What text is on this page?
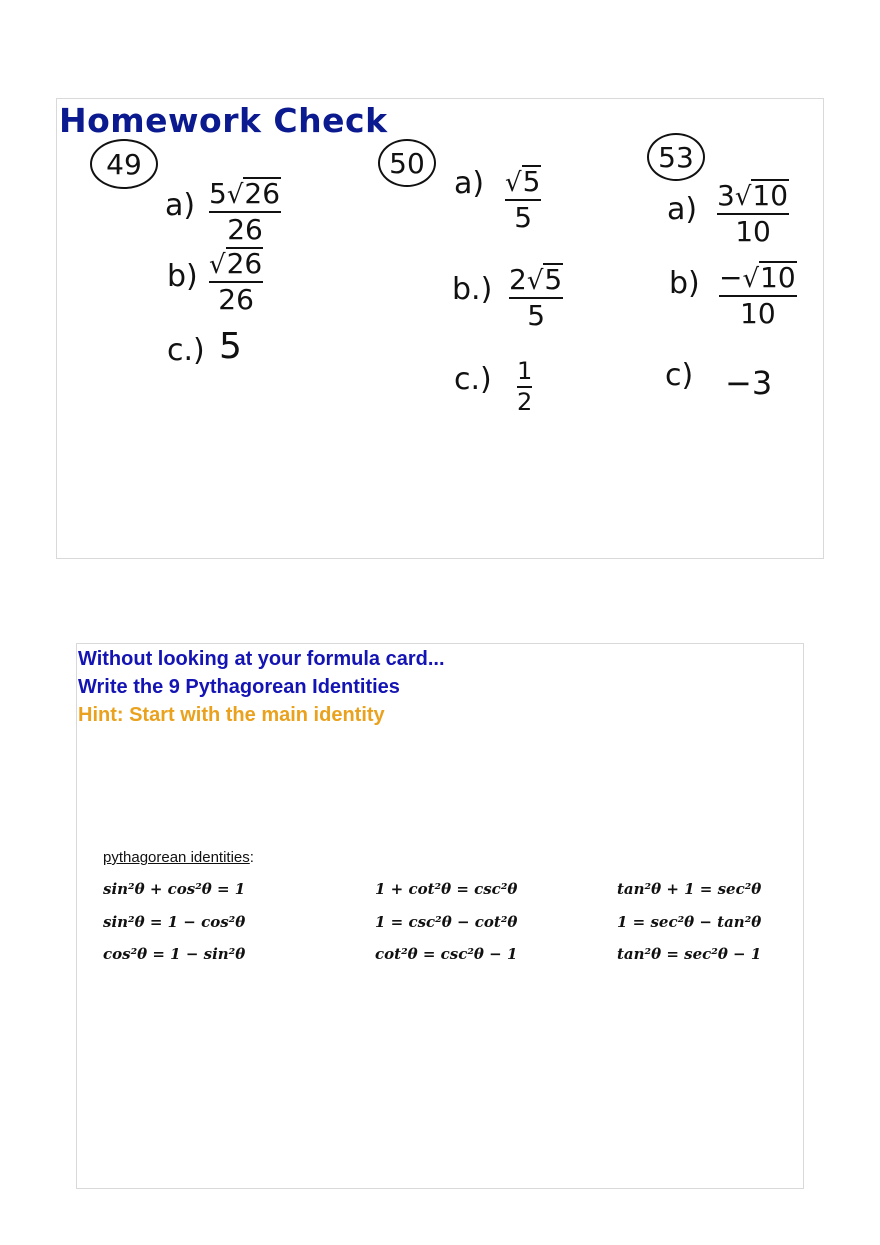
Homework Check
49
a) 5√26
26
b) √26
26
c.) 5
50
a) √5
5
b.) 2√5
5
c.) 1
2
53
a) 3√10
10
b) −√10
10
c) −3

Without looking at your formula card...

Write the 9 Pythagorean Identities

Hint: Start with the main identity

pythagorean identities:
sin²θ + cos²θ = 1	1 + cot²θ = csc²θ	tan²θ + 1 = sec²θ
sin²θ = 1 − cos²θ	1 = csc²θ − cot²θ	1 = sec²θ − tan²θ
cos²θ = 1 − sin²θ	cot²θ = csc²θ − 1	tan²θ = sec²θ − 1
